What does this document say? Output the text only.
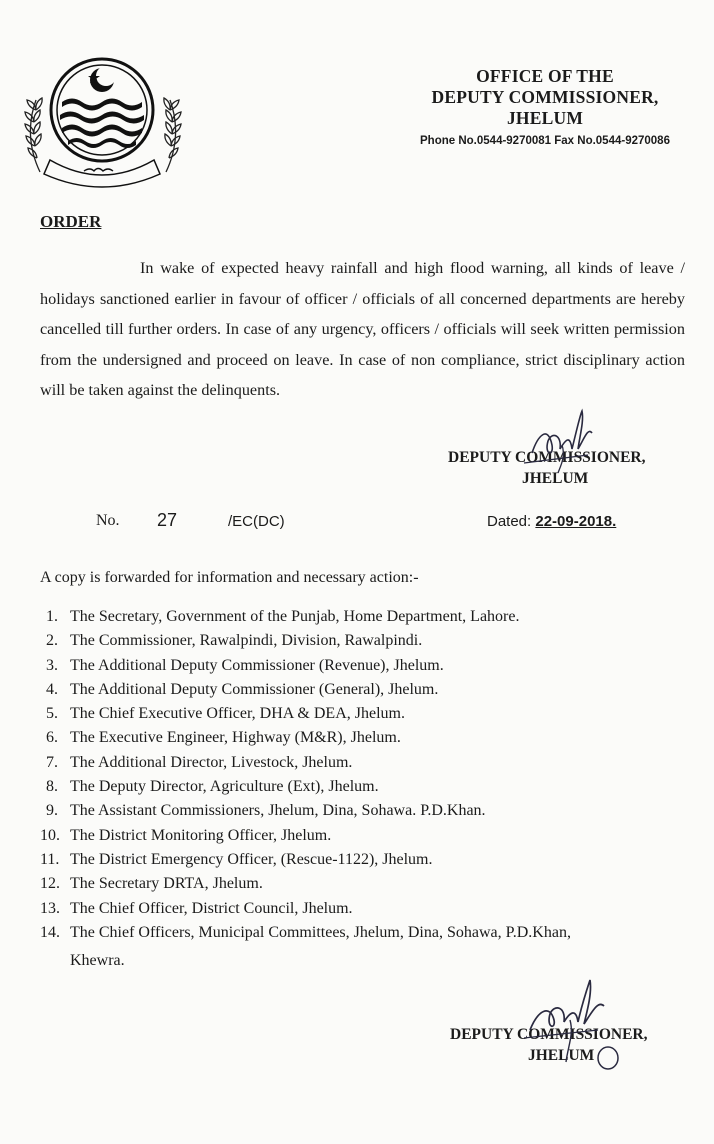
OFFICE OF THE
DEPUTY COMMISSIONER,
JHELUM
Phone No.0544-9270081 Fax No.0544-9270086
ORDER
In wake of expected heavy rainfall and high flood warning, all kinds of leave / holidays sanctioned earlier in favour of officer / officials of all concerned departments are hereby cancelled till further orders. In case of any urgency, officers / officials will seek written permission from the undersigned and proceed on leave. In case of non compliance, strict disciplinary action will be taken against the delinquents.
DEPUTY COMMISSIONER,
JHELUM
No. 27	/EC(DC)	Dated: 22-09-2018.
A copy is forwarded for information and necessary action:-
1. The Secretary, Government of the Punjab, Home Department, Lahore.
2. The Commissioner, Rawalpindi, Division, Rawalpindi.
3. The Additional Deputy Commissioner (Revenue), Jhelum.
4. The Additional Deputy Commissioner (General), Jhelum.
5. The Chief Executive Officer, DHA & DEA, Jhelum.
6. The Executive Engineer, Highway (M&R), Jhelum.
7. The Additional Director, Livestock, Jhelum.
8. The Deputy Director, Agriculture (Ext), Jhelum.
9. The Assistant Commissioners, Jhelum, Dina, Sohawa. P.D.Khan.
10. The District Monitoring Officer, Jhelum.
11. The District Emergency Officer, (Rescue-1122), Jhelum.
12. The Secretary DRTA, Jhelum.
13. The Chief Officer, District Council, Jhelum.
14. The Chief Officers, Municipal Committees, Jhelum, Dina, Sohawa, P.D.Khan,
Khewra.
DEPUTY COMMISSIONER,
JHELUM
